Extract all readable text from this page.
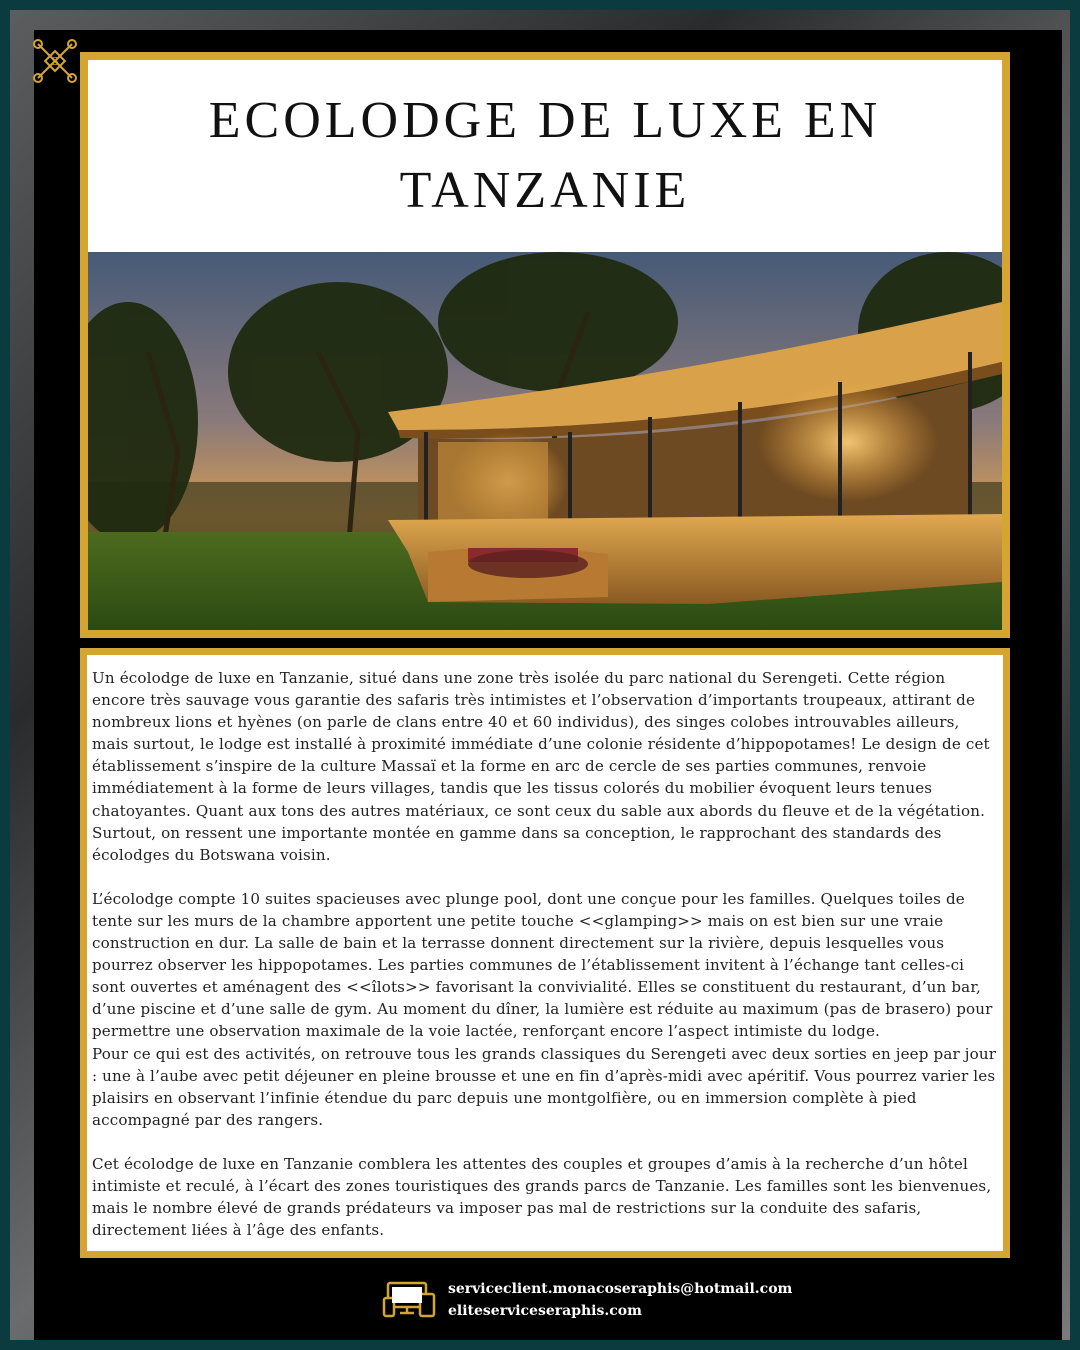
S
ECOLODGE DE LUXE EN
TANZANIE

Un écolodge de luxe en Tanzanie, situé dans une zone très isolée du parc national du Serengeti. Cette région encore très sauvage vous garantie des safaris très intimistes et l’observation d’importants troupeaux, attirant de nombreux lions et hyènes (on parle de clans entre 40 et 60 individus), des singes colobes introuvables ailleurs, mais surtout, le lodge est installé à proximité immédiate d’une colonie résidente d’hippopotames! Le design de cet établissement s’inspire de la culture Massaï et la forme en arc de cercle de ses parties communes, renvoie immédiatement à la forme de leurs villages, tandis que les tissus colorés du mobilier évoquent leurs tenues chatoyantes. Quant aux tons des autres matériaux, ce sont ceux du sable aux abords du fleuve et de la végétation. Surtout, on ressent une importante montée en gamme dans sa conception, le rapprochant des standards des écolodges du Botswana voisin.

L’écolodge compte 10 suites spacieuses avec plunge pool, dont une conçue pour les familles. Quelques toiles de tente sur les murs de la chambre apportent une petite touche <<glamping>> mais on est bien sur une vraie construction en dur. La salle de bain et la terrasse donnent directement sur la rivière, depuis lesquelles vous pourrez observer les hippopotames. Les parties communes de l’établissement invitent à l’échange tant celles-ci sont ouvertes et aménagent des <<îlots>> favorisant la convivialité. Elles se constituent du restaurant, d’un bar, d’une piscine et d’une salle de gym. Au moment du dîner, la lumière est réduite au maximum (pas de brasero) pour permettre une observation maximale de la voie lactée, renforçant encore l’aspect intimiste du lodge.

Pour ce qui est des activités, on retrouve tous les grands classiques du Serengeti avec deux sorties en jeep par jour : une à l’aube avec petit déjeuner en pleine brousse et une en fin d’après-midi avec apéritif. Vous pourrez varier les plaisirs en observant l’infinie étendue du parc depuis une montgolfière, ou en immersion complète à pied accompagné par des rangers.

Cet écolodge de luxe en Tanzanie comblera les attentes des couples et groupes d’amis à la recherche d’un hôtel intimiste et reculé, à l’écart des zones touristiques des grands parcs de Tanzanie. Les familles sont les bienvenues, mais le nombre élevé de grands prédateurs va imposer pas mal de restrictions sur la conduite des safaris, directement liées à l’âge des enfants.

serviceclient.monacoseraphis@hotmail.com
eliteserviceseraphis.com
